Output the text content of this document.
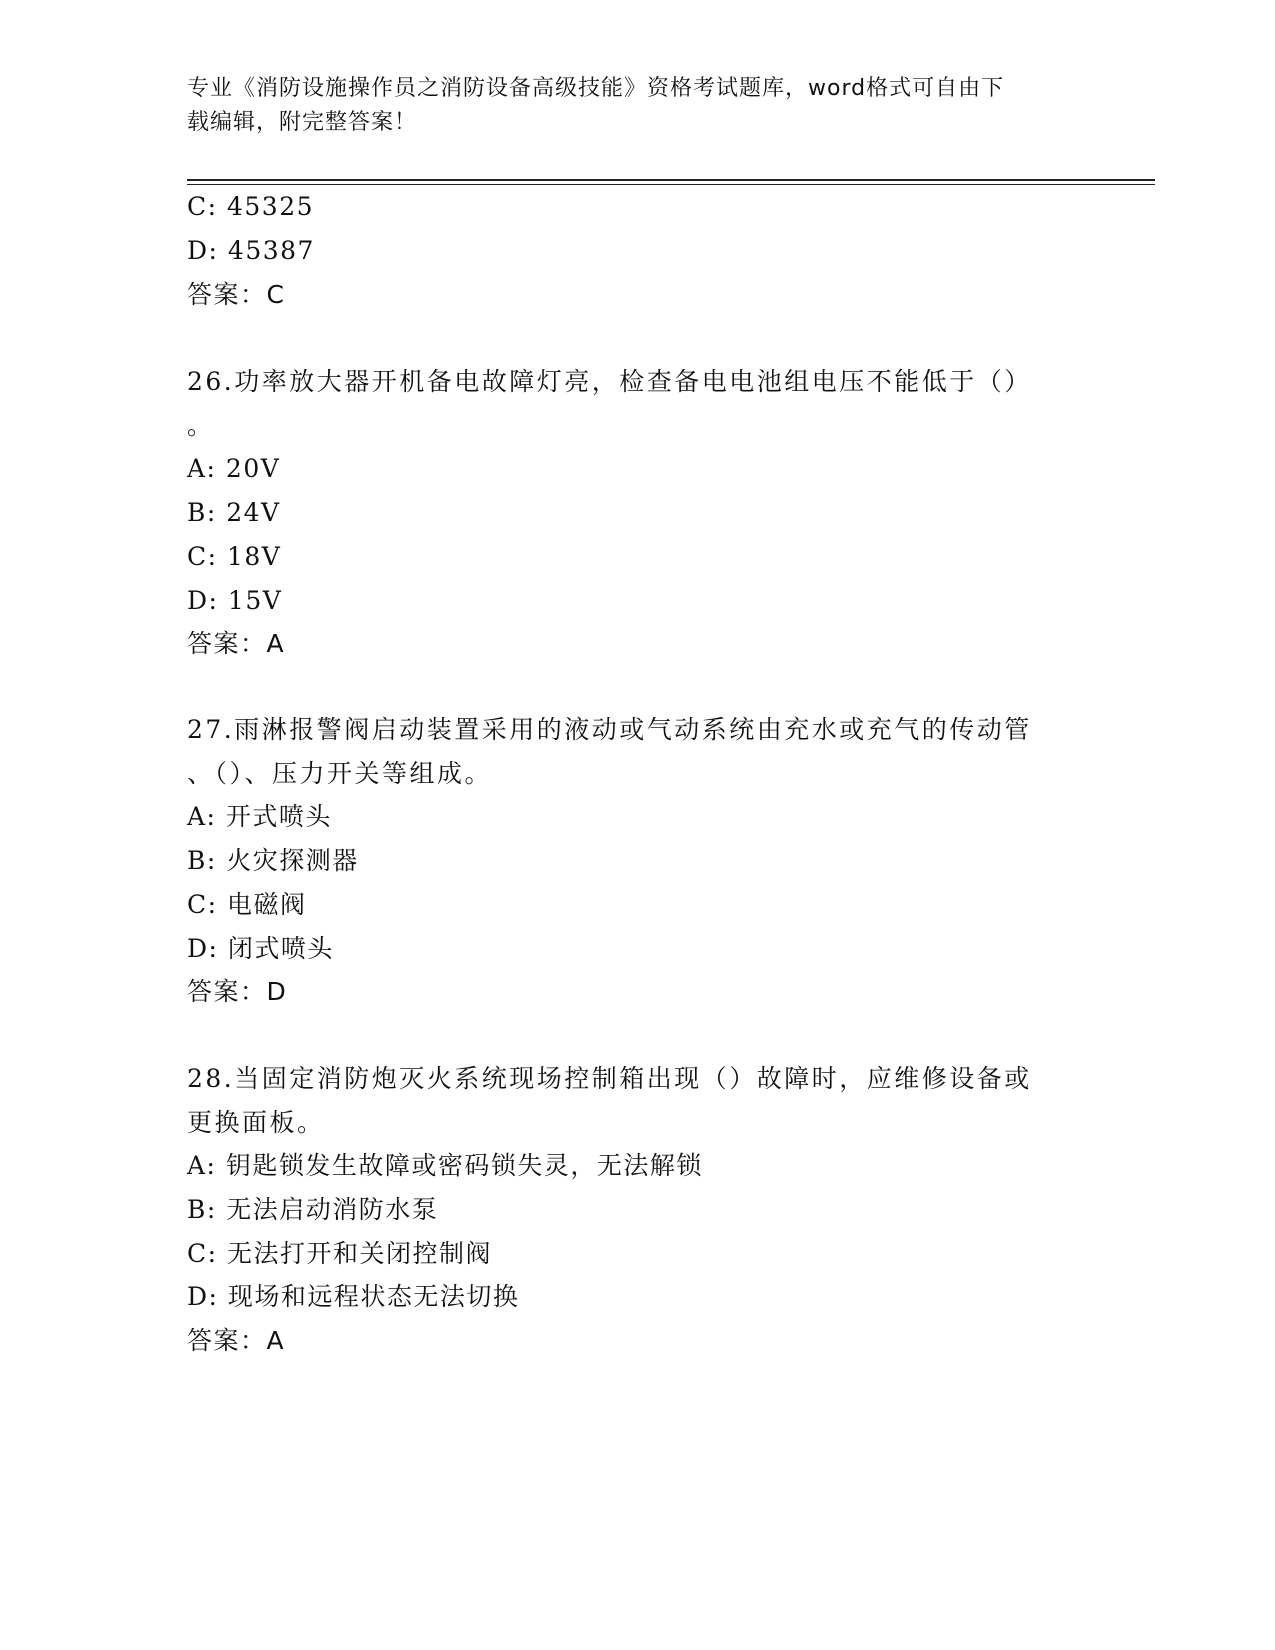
专业《消防设施操作员之消防设备高级技能》资格考试题库，word格式可自由下
载编辑，附完整答案！
C: 45325
D: 45387
答案：C
26.功率放大器开机备电故障灯亮，检查备电电池组电压不能低于（）
。
A: 20V
B: 24V
C: 18V
D: 15V
答案：A
27.雨淋报警阀启动装置采用的液动或气动系统由充水或充气的传动管
、（）、压力开关等组成。
A: 开式喷头
B: 火灾探测器
C: 电磁阀
D: 闭式喷头
答案：D
28.当固定消防炮灭火系统现场控制箱出现（）故障时，应维修设备或
更换面板。
A: 钥匙锁发生故障或密码锁失灵，无法解锁
B: 无法启动消防水泵
C: 无法打开和关闭控制阀
D: 现场和远程状态无法切换
答案：A
